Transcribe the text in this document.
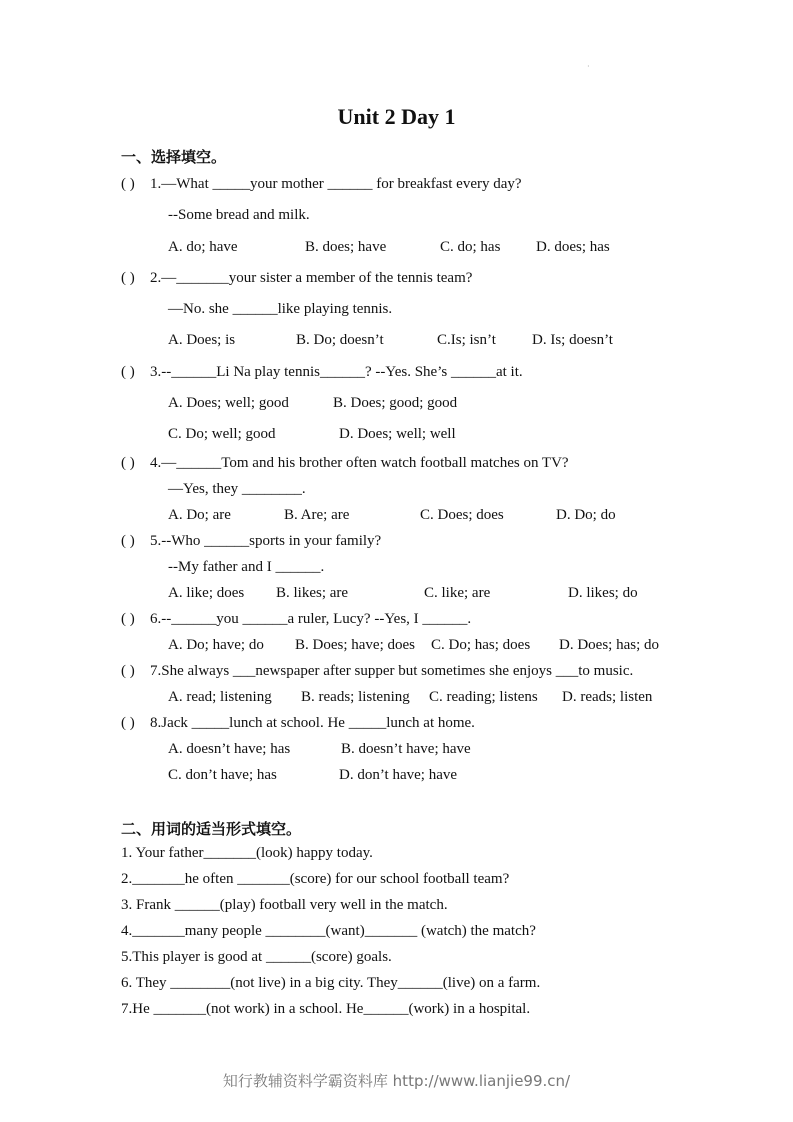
·
Unit 2 Day 1
一、选择填空。
( ) 1.—What _____your mother ______ for breakfast every day?
--Some bread and milk.
A. do; have	B. does; have	C. do; has D. does; has
( ) 2.—_______your sister a member of the tennis team?
—No. she ______like playing tennis.
A. Does; is	B. Do; doesn’t	C.Is; isn’t D. Is; doesn’t
( ) 3.--______Li Na play tennis______? --Yes. She’s ______at it.
A. Does; well; good	B. Does; good; good
C. Do; well; good	D. Does; well; well
( ) 4.—______Tom and his brother often watch football matches on TV?
—Yes, they ________.
A. Do; are	B. Are; are	C. Does; does	D. Do; do
( ) 5.--Who ______sports in your family?
--My father and I ______.
A. like; does B. likes; are	C. like; are	D. likes; do
( ) 6.--______you ______a ruler, Lucy? --Yes, I ______.
A. Do; have; do B. Does; have; does C. Do; has; does D. Does; has; do
( ) 7.She always ___newspaper after supper but sometimes she enjoys ___to music.
A. read; listening B. reads; listening C. reading; listens D. reads; listen
( ) 8.Jack _____lunch at school. He _____lunch at home.
A. doesn’t have; has	B. doesn’t have; have
C. don’t have; has	D. don’t have; have
二、用词的适当形式填空。
1. Your father_______(look) happy today.
2._______he often _______(score) for our school football team?
3. Frank ______(play) football very well in the match.
4._______many people ________(want)_______ (watch) the match?
5.This player is good at ______(score) goals.
6. They ________(not live) in a big city. They______(live) on a farm.
7.He _______(not work) in a school. He______(work) in a hospital.
知行教辅资料学霸资料库 http://www.lianjie99.cn/
